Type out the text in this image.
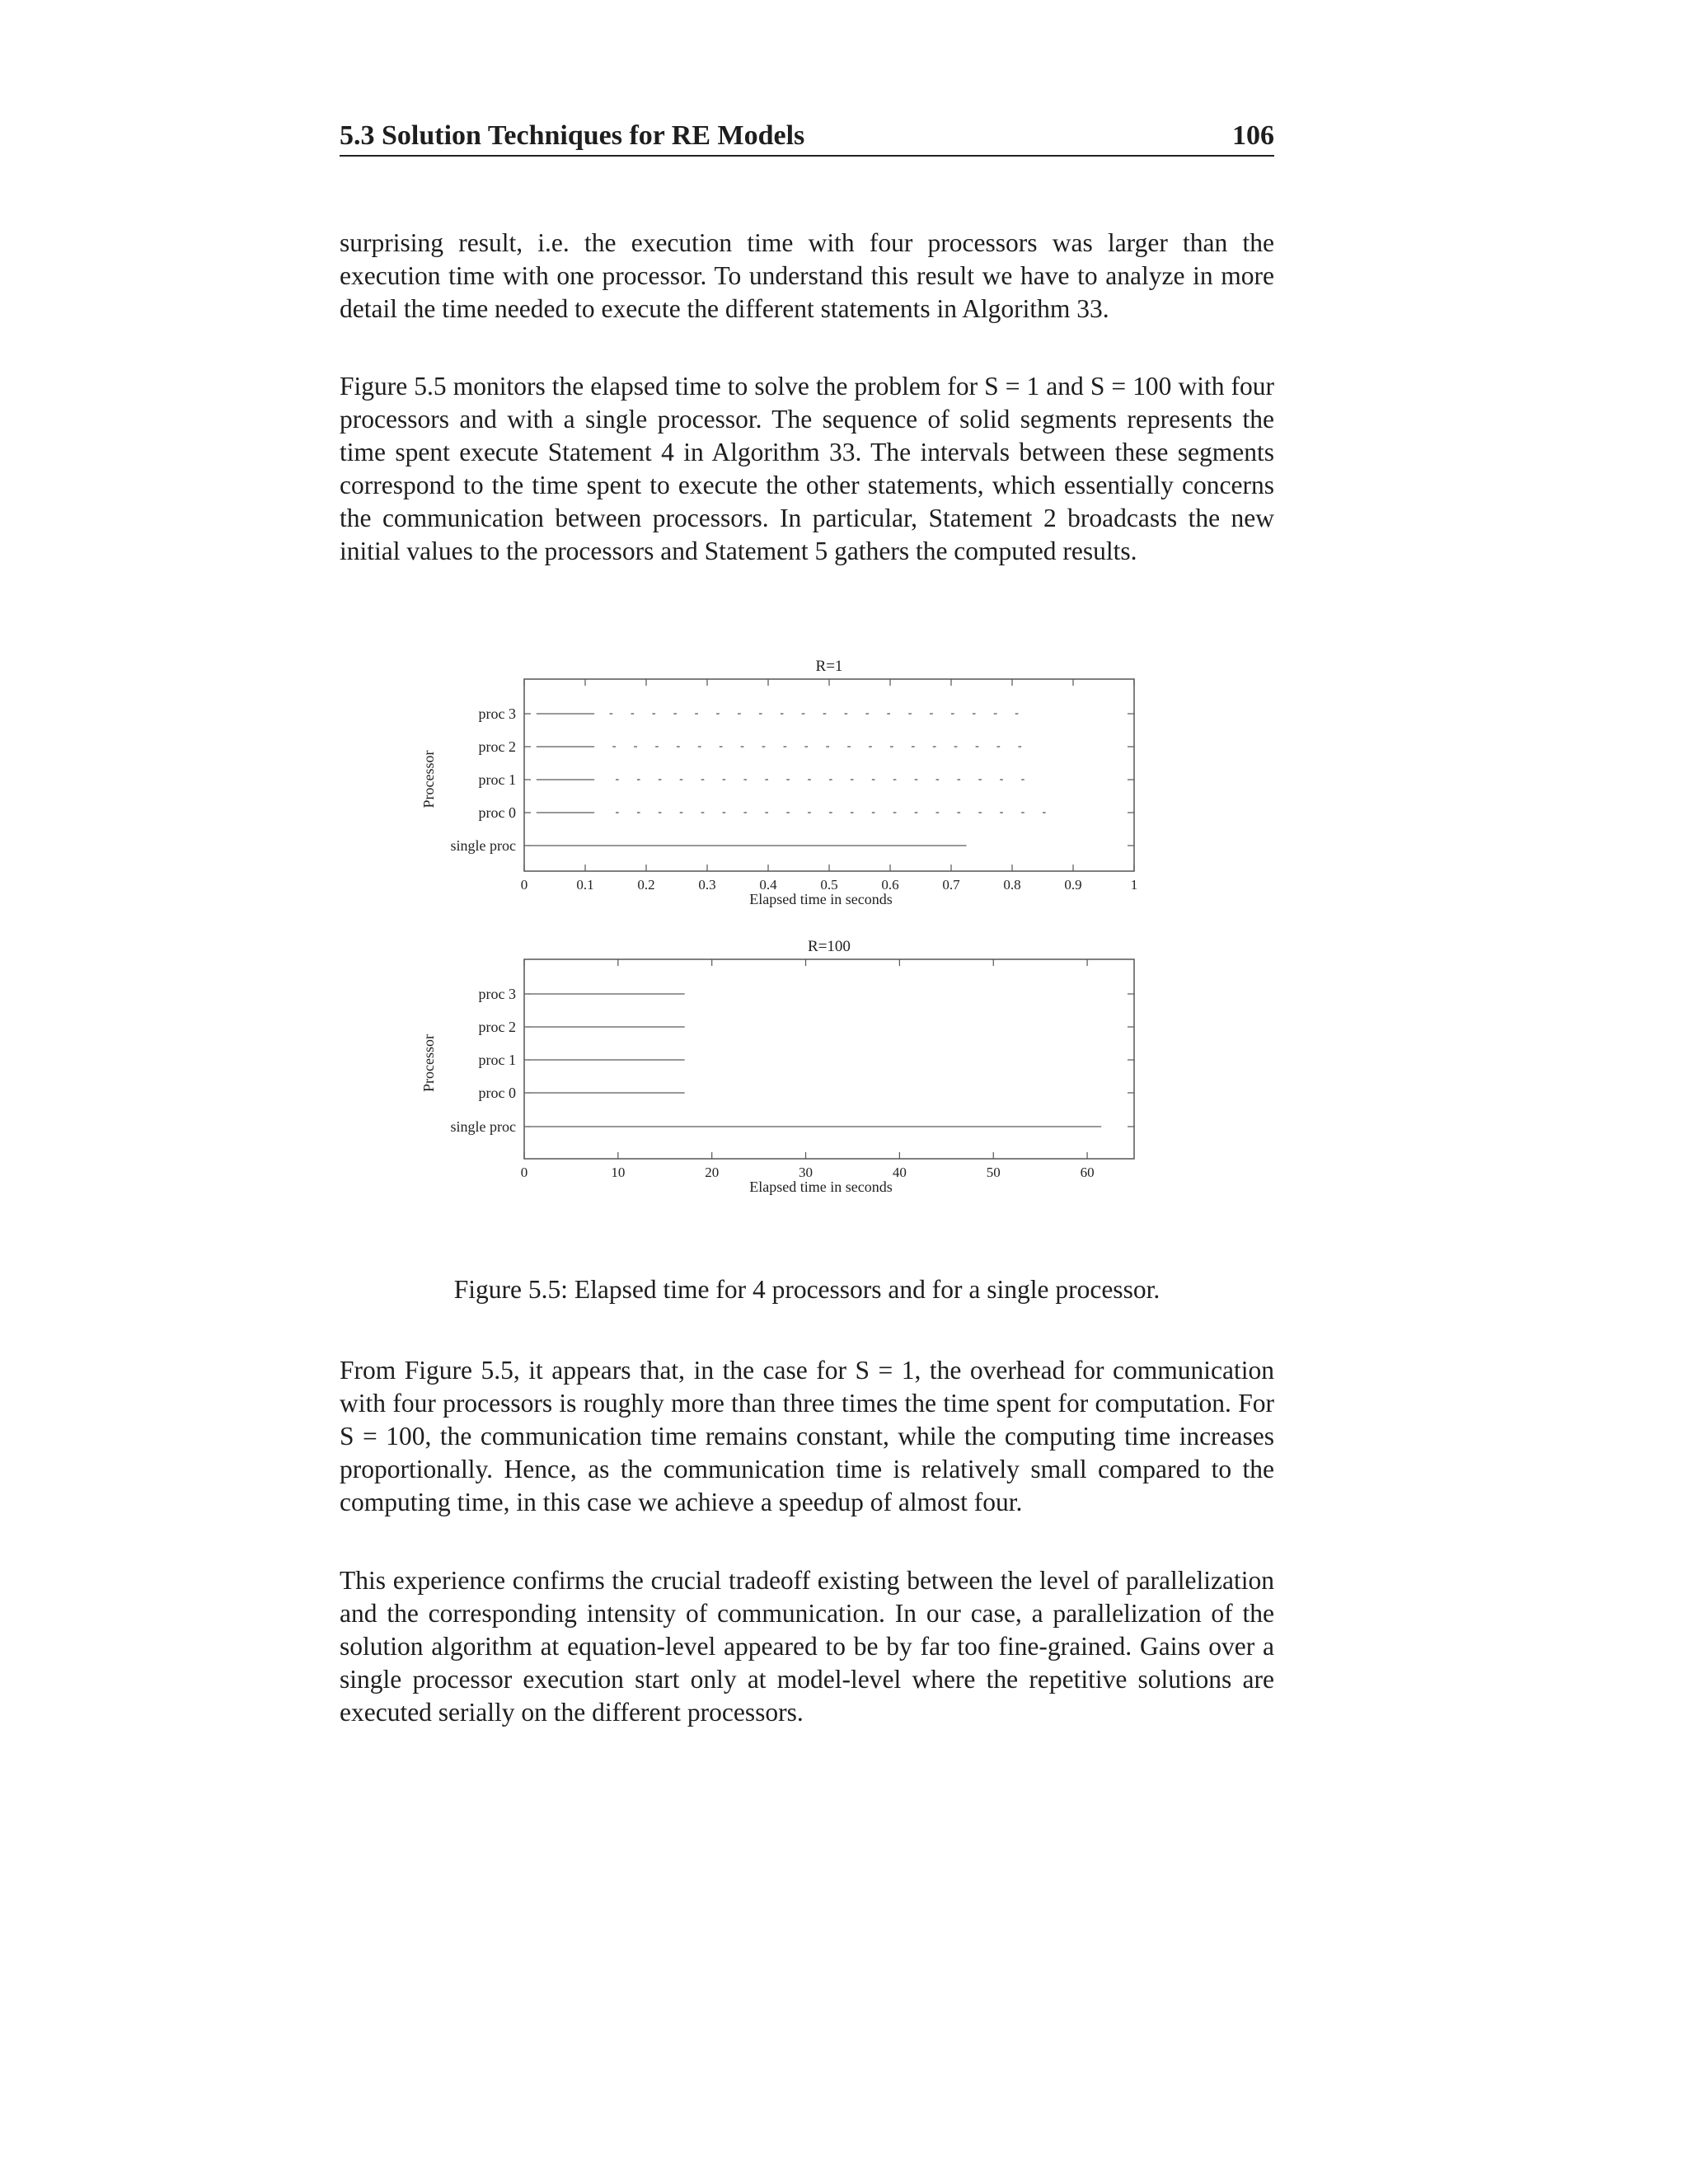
5.3 Solution Techniques for RE Models	106

surprising result, i.e. the execution time with four processors was larger than the execution time with one processor. To understand this result we have to analyze in more detail the time needed to execute the different statements in Algorithm 33.

Figure 5.5 monitors the elapsed time to solve the problem for S = 1 and S = 100 with four processors and with a single processor. The sequence of solid segments represents the time spent execute Statement 4 in Algorithm 33. The intervals between these segments correspond to the time spent to execute the other statements, which essentially concerns the communication between processors. In particular, Statement 2 broadcasts the new initial values to the processors and Statement 5 gathers the computed results.

R=1
0	0.1	0.2	0.3	0.4	0.5	0.6	0.7	0.8	0.9	1
Elapsed time in seconds
Processor
proc 3
proc 2
proc 1
proc 0
single proc
R=100
0	10	20	30	40	50	60
Elapsed time in seconds
Processor
proc 3
proc 2
proc 1
proc 0
single proc

Figure 5.5: Elapsed time for 4 processors and for a single processor.

From Figure 5.5, it appears that, in the case for S = 1, the overhead for communication with four processors is roughly more than three times the time spent for computation. For S = 100, the communication time remains constant, while the computing time increases proportionally. Hence, as the communication time is relatively small compared to the computing time, in this case we achieve a speedup of almost four.

This experience confirms the crucial tradeoff existing between the level of parallelization and the corresponding intensity of communication. In our case, a parallelization of the solution algorithm at equation-level appeared to be by far too fine-grained. Gains over a single processor execution start only at model-level where the repetitive solutions are executed serially on the different processors.
